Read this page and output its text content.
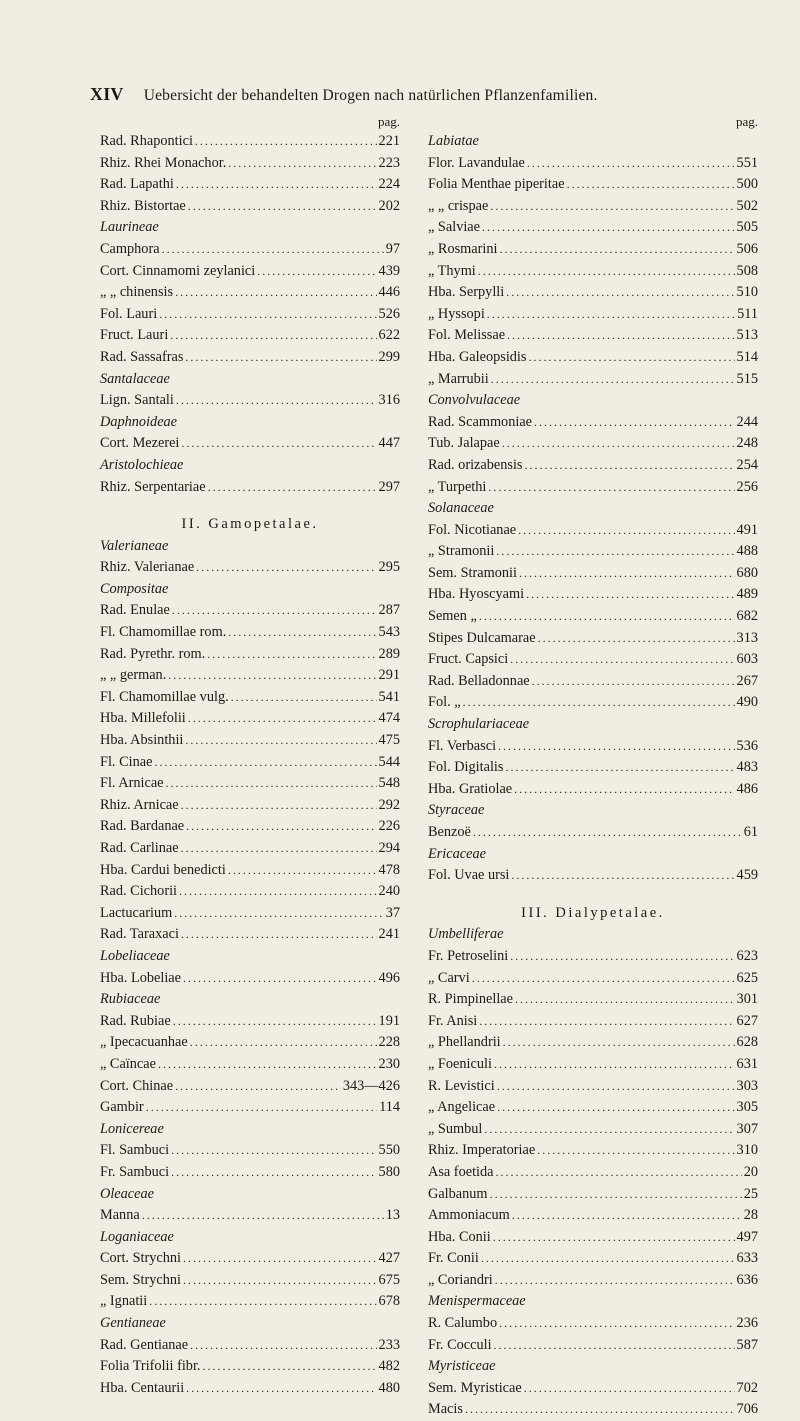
XIV Uebersicht der behandelten Drogen nach natürlichen Pflanzenfamilien.
pag.
Rad. Rhapontici .....	221
Rhiz. Rhei Monachor. .....	223
Rad. Lapathi .....	224
Rhiz. Bistortae .....	202
Laurineae
Camphora .....	97
Cort. Cinnamomi zeylanici .....	439
„ „ chinensis .....	446
Fol. Lauri .....	526
Fruct. Lauri .....	622
Rad. Sassafras .....	299
Santalaceae
Lign. Santali .....	316
Daphnoideae
Cort. Mezerei .....	447
Aristolochieae
Rhiz. Serpentariae .....	297
II. Gamopetalae.
Valerianeae
Rhiz. Valerianae .....	295
Compositae
Rad. Enulae .....	287
Fl. Chamomillae rom. .....	543
Rad. Pyrethr. rom. .....	289
„ „ german. .....	291
Fl. Chamomillae vulg. .....	541
Hba. Millefolii .....	474
Hba. Absinthii .....	475
Fl. Cinae .....	544
Fl. Arnicae .....	548
Rhiz. Arnicae .....	292
Rad. Bardanae .....	226
Rad. Carlinae .....	294
Hba. Cardui benedicti .....	478
Rad. Cichorii .....	240
Lactucarium .....	37
Rad. Taraxaci .....	241
Lobeliaceae
Hba. Lobeliae .....	496
Rubiaceae
Rad. Rubiae .....	191
„ Ipecacuanhae .....	228
„ Caïncae .....	230
Cort. Chinae .....	343—426
Gambir .....	114
Lonicereae
Fl. Sambuci .....	550
Fr. Sambuci .....	580
Oleaceae
Manna .....	13
Loganiaceae
Cort. Strychni .....	427
Sem. Strychni .....	675
„ Ignatii .....	678
Gentianeae
Rad. Gentianae .....	233
Folia Trifolii fibr. .....	482
Hba. Centaurii .....	480
pag.
Labiatae
Flor. Lavandulae .....	551
Folia Menthae piperitae .....	500
„ „ crispae .....	502
„ Salviae .....	505
„ Rosmarini .....	506
„ Thymi .....	508
Hba. Serpylli .....	510
„ Hyssopi .....	511
Fol. Melissae .....	513
Hba. Galeopsidis .....	514
„ Marrubii .....	515
Convolvulaceae
Rad. Scammoniae .....	244
Tub. Jalapae .....	248
Rad. orizabensis .....	254
„ Turpethi .....	256
Solanaceae
Fol. Nicotianae .....	491
„ Stramonii .....	488
Sem. Stramonii .....	680
Hba. Hyoscyami .....	489
Semen „ .....	682
Stipes Dulcamarae .....	313
Fruct. Capsici .....	603
Rad. Belladonnae .....	267
Fol. „ .....	490
Scrophulariaceae
Fl. Verbasci .....	536
Fol. Digitalis .....	483
Hba. Gratiolae .....	486
Styraceae
Benzoë .....	61
Ericaceae
Fol. Uvae ursi .....	459
III. Dialypetalae.
Umbelliferae
Fr. Petroselini .....	623
„ Carvi .....	625
R. Pimpinellae .....	301
Fr. Anisi .....	627
„ Phellandrii .....	628
„ Foeniculi .....	631
R. Levistici .....	303
„ Angelicae .....	305
„ Sumbul .....	307
Rhiz. Imperatoriae .....	310
Asa foetida .....	20
Galbanum .....	25
Ammoniacum .....	28
Hba. Conii .....	497
Fr. Conii .....	633
„ Coriandri .....	636
Menispermaceae
R. Calumbo .....	236
Fr. Cocculi .....	587
Myristiceae
Sem. Myristicae .....	702
Macis .....	706
